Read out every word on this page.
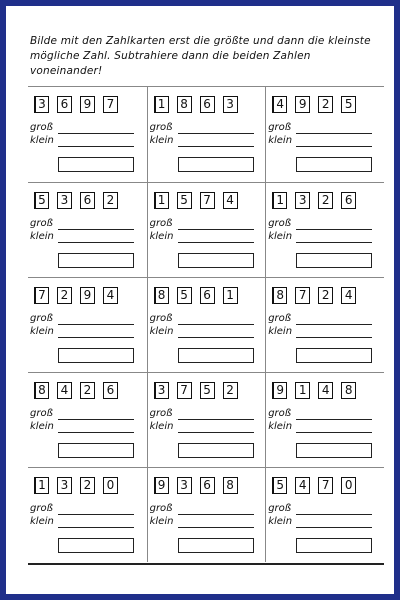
Bilde mit den Zahlkarten erst die größte und dann die kleinste mögliche Zahl. Subtrahiere dann die beiden Zahlen voneinander!
3	6	9	7
groß
klein
1	8	6	3
groß
klein
4	9	2	5
groß
klein
5	3	6	2
groß
klein
1	5	7	4
groß
klein
1	3	2	6
groß
klein
7	2	9	4
groß
klein
8	5	6	1
groß
klein
8	7	2	4
groß
klein
8	4	2	6
groß
klein
3	7	5	2
groß
klein
9	1	4	8
groß
klein
1	3	2	0
groß
klein
9	3	6	8
groß
klein
5	4	7	0
groß
klein
